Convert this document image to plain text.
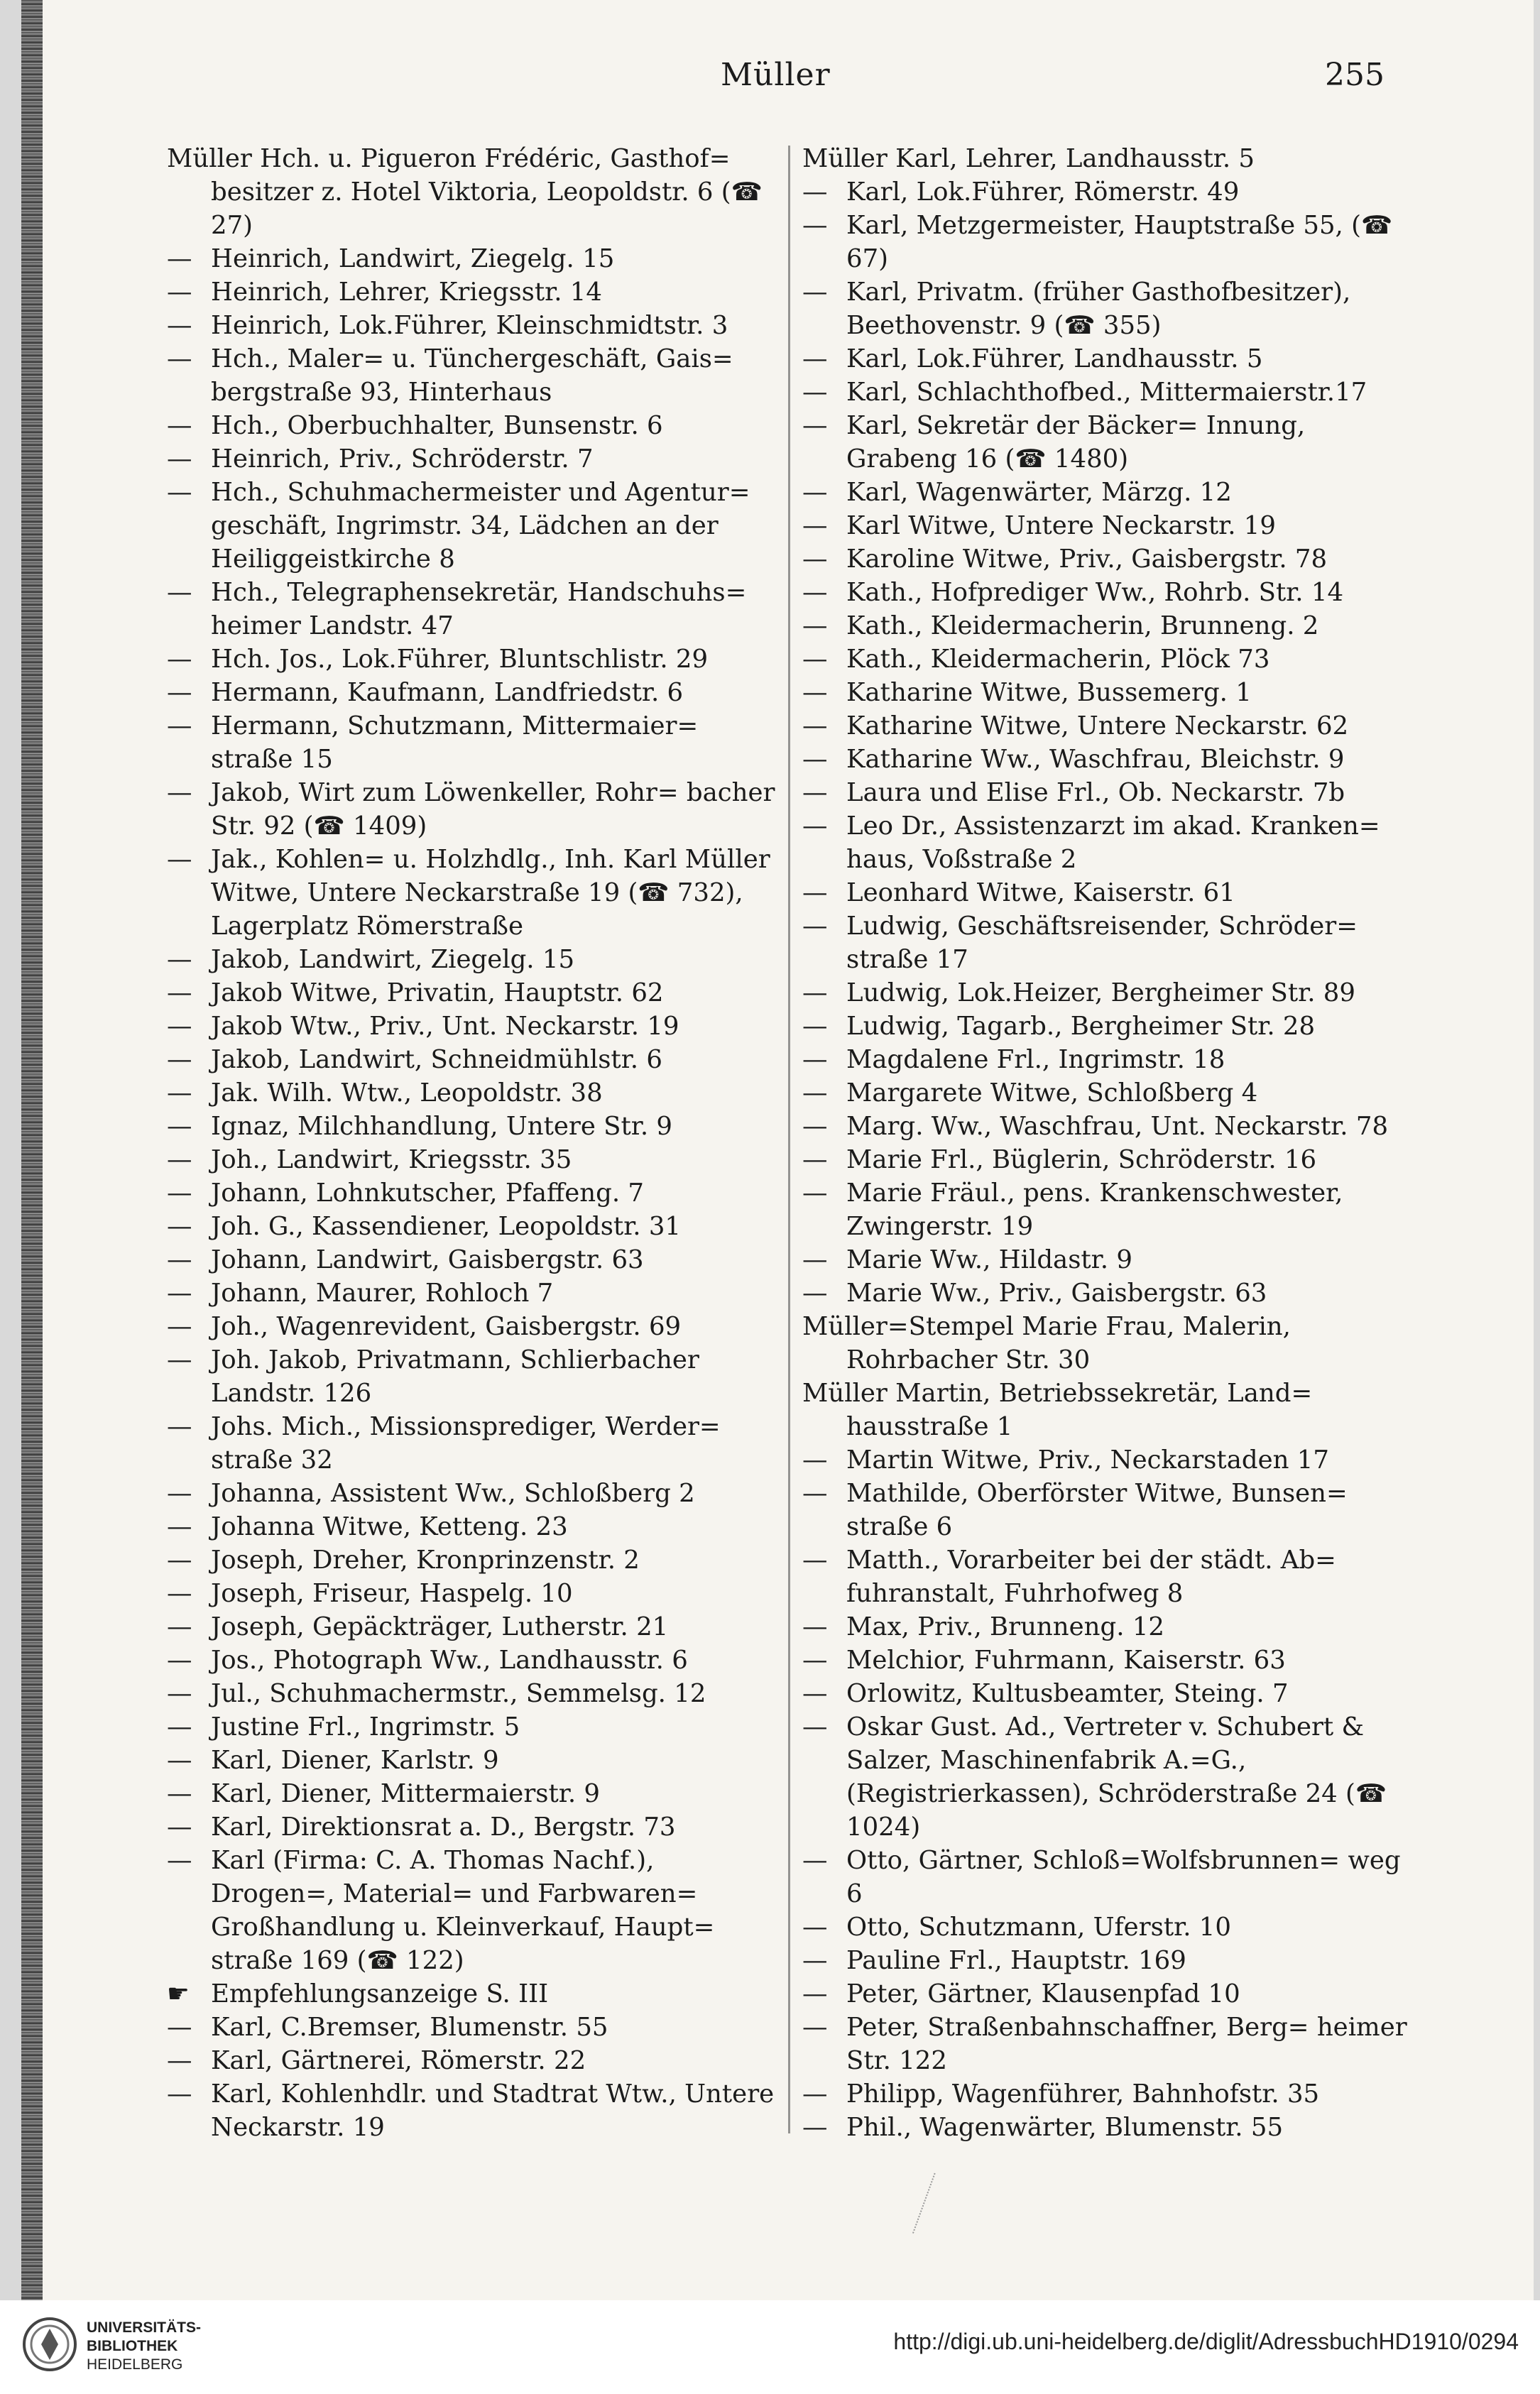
Müller	255
Müller Hch. u. Pigueron Frédéric, Gasthof= besitzer z. Hotel Viktoria, Leopoldstr. 6 (☎ 27)
— Heinrich, Landwirt, Ziegelg. 15
— Heinrich, Lehrer, Kriegsstr. 14
— Heinrich, Lok.Führer, Kleinschmidtstr. 3
— Hch., Maler= u. Tünchergeschäft, Gais= bergstraße 93, Hinterhaus
— Hch., Oberbuchhalter, Bunsenstr. 6
— Heinrich, Priv., Schröderstr. 7
— Hch., Schuhmachermeister und Agentur= geschäft, Ingrimstr. 34, Lädchen an der Heiliggeistkirche 8
— Hch., Telegraphensekretär, Handschuhs= heimer Landstr. 47
— Hch. Jos., Lok.Führer, Bluntschlistr. 29
— Hermann, Kaufmann, Landfriedstr. 6
— Hermann, Schutzmann, Mittermaier= straße 15
— Jakob, Wirt zum Löwenkeller, Rohr= bacher Str. 92 (☎ 1409)
— Jak., Kohlen= u. Holzhdlg., Inh. Karl Müller Witwe, Untere Neckarstraße 19 (☎ 732), Lagerplatz Römerstraße
— Jakob, Landwirt, Ziegelg. 15
— Jakob Witwe, Privatin, Hauptstr. 62
— Jakob Wtw., Priv., Unt. Neckarstr. 19
— Jakob, Landwirt, Schneidmühlstr. 6
— Jak. Wilh. Wtw., Leopoldstr. 38
— Ignaz, Milchhandlung, Untere Str. 9
— Joh., Landwirt, Kriegsstr. 35
— Johann, Lohnkutscher, Pfaffeng. 7
— Joh. G., Kassendiener, Leopoldstr. 31
— Johann, Landwirt, Gaisbergstr. 63
— Johann, Maurer, Rohloch 7
— Joh., Wagenrevident, Gaisbergstr. 69
— Joh. Jakob, Privatmann, Schlierbacher Landstr. 126
— Johs. Mich., Missionsprediger, Werder= straße 32
— Johanna, Assistent Ww., Schloßberg 2
— Johanna Witwe, Ketteng. 23
— Joseph, Dreher, Kronprinzenstr. 2
— Joseph, Friseur, Haspelg. 10
— Joseph, Gepäckträger, Lutherstr. 21
— Jos., Photograph Ww., Landhausstr. 6
— Jul., Schuhmachermstr., Semmelsg. 12
— Justine Frl., Ingrimstr. 5
— Karl, Diener, Karlstr. 9
— Karl, Diener, Mittermaierstr. 9
— Karl, Direktionsrat a. D., Bergstr. 73
— Karl (Firma: C. A. Thomas Nachf.), Drogen=, Material= und Farbwaren= Großhandlung u. Kleinverkauf, Haupt= straße 169 (☎ 122)
☛ Empfehlungsanzeige S. III
— Karl, C.Bremser, Blumenstr. 55
— Karl, Gärtnerei, Römerstr. 22
— Karl, Kohlenhdlr. und Stadtrat Wtw., Untere Neckarstr. 19
Müller Karl, Lehrer, Landhausstr. 5
— Karl, Lok.Führer, Römerstr. 49
— Karl, Metzgermeister, Hauptstraße 55, (☎ 67)
— Karl, Privatm. (früher Gasthofbesitzer), Beethovenstr. 9 (☎ 355)
— Karl, Lok.Führer, Landhausstr. 5
— Karl, Schlachthofbed., Mittermaierstr.17
— Karl, Sekretär der Bäcker= Innung, Grabeng 16 (☎ 1480)
— Karl, Wagenwärter, Märzg. 12
— Karl Witwe, Untere Neckarstr. 19
— Karoline Witwe, Priv., Gaisbergstr. 78
— Kath., Hofprediger Ww., Rohrb. Str. 14
— Kath., Kleidermacherin, Brunneng. 2
— Kath., Kleidermacherin, Plöck 73
— Katharine Witwe, Bussemerg. 1
— Katharine Witwe, Untere Neckarstr. 62
— Katharine Ww., Waschfrau, Bleichstr. 9
— Laura und Elise Frl., Ob. Neckarstr. 7b
— Leo Dr., Assistenzarzt im akad. Kranken= haus, Voßstraße 2
— Leonhard Witwe, Kaiserstr. 61
— Ludwig, Geschäftsreisender, Schröder= straße 17
— Ludwig, Lok.Heizer, Bergheimer Str. 89
— Ludwig, Tagarb., Bergheimer Str. 28
— Magdalene Frl., Ingrimstr. 18
— Margarete Witwe, Schloßberg 4
— Marg. Ww., Waschfrau, Unt. Neckarstr. 78
— Marie Frl., Büglerin, Schröderstr. 16
— Marie Fräul., pens. Krankenschwester, Zwingerstr. 19
— Marie Ww., Hildastr. 9
— Marie Ww., Priv., Gaisbergstr. 63
Müller=Stempel Marie Frau, Malerin, Rohrbacher Str. 30
Müller Martin, Betriebssekretär, Land= hausstraße 1
— Martin Witwe, Priv., Neckarstaden 17
— Mathilde, Oberförster Witwe, Bunsen= straße 6
— Matth., Vorarbeiter bei der städt. Ab= fuhranstalt, Fuhrhofweg 8
— Max, Priv., Brunneng. 12
— Melchior, Fuhrmann, Kaiserstr. 63
— Orlowitz, Kultusbeamter, Steing. 7
— Oskar Gust. Ad., Vertreter v. Schubert & Salzer, Maschinenfabrik A.=G., (Registrierkassen), Schröderstraße 24 (☎ 1024)
— Otto, Gärtner, Schloß=Wolfsbrunnen= weg 6
— Otto, Schutzmann, Uferstr. 10
— Pauline Frl., Hauptstr. 169
— Peter, Gärtner, Klausenpfad 10
— Peter, Straßenbahnschaffner, Berg= heimer Str. 122
— Philipp, Wagenführer, Bahnhofstr. 35
— Phil., Wagenwärter, Blumenstr. 55
UNIVERSITÄTS-
BIBLIOTHEK
HEIDELBERG
http://digi.ub.uni-heidelberg.de/diglit/AdressbuchHD1910/0294
